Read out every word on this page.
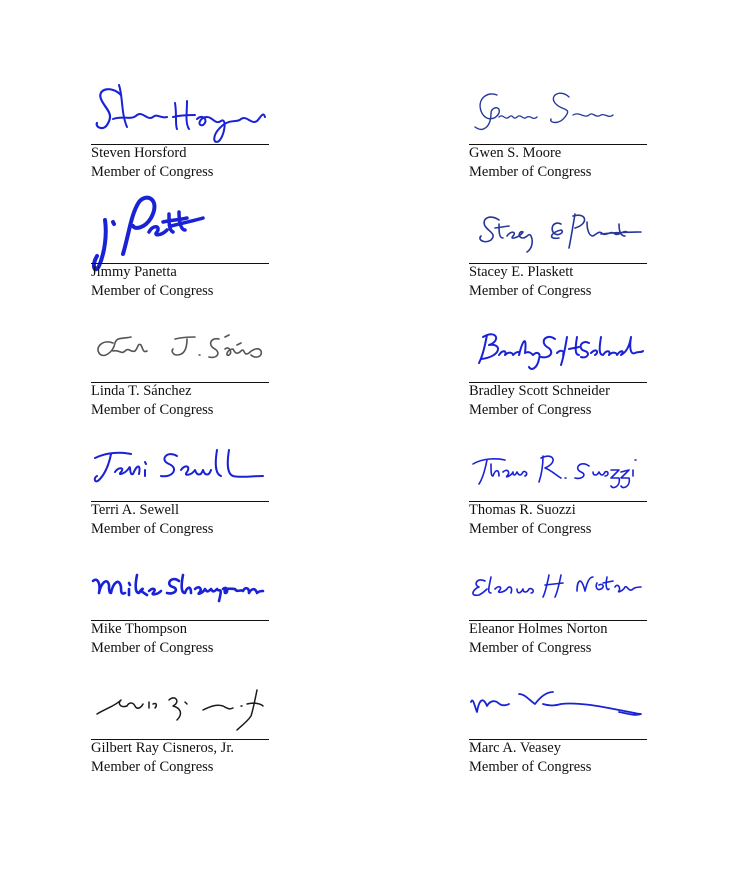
Steven Horsford
Member of Congress
Gwen S. Moore
Member of Congress
Jimmy Panetta
Member of Congress
Stacey E. Plaskett
Member of Congress
Linda T. Sánchez
Member of Congress
Bradley Scott Schneider
Member of Congress
Terri A. Sewell
Member of Congress
Thomas R. Suozzi
Member of Congress
Mike Thompson
Member of Congress
Eleanor Holmes Norton
Member of Congress
Gilbert Ray Cisneros, Jr.
Member of Congress
Marc A. Veasey
Member of Congress
